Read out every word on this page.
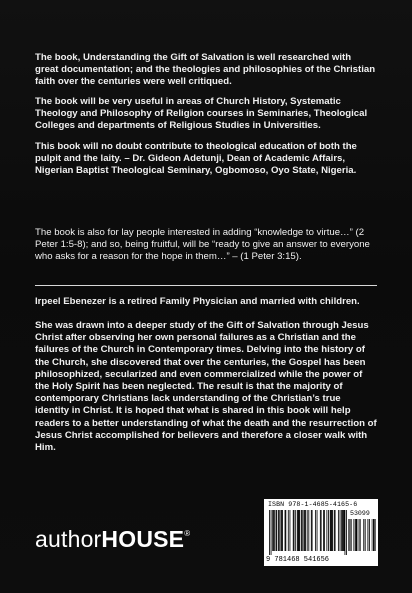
The book, Understanding the Gift of Salvation is well researched with great documentation; and the theologies and philosophies of the Christian faith over the centuries were well critiqued.

The book will be very useful in areas of Church History, Systematic Theology and Philosophy of Religion courses in Seminaries, Theological Colleges and departments of Religious Studies in Universities.

This book will no doubt contribute to theological education of both the pulpit and the laity. – Dr. Gideon Adetunji, Dean of Academic Affairs, Nigerian Baptist Theological Seminary, Ogbomoso, Oyo State, Nigeria.

The book is also for lay people interested in adding “knowledge to virtue…” (2 Peter 1:5-8); and so, being fruitful, will be “ready to give an answer to everyone who asks for a reason for the hope in them…” – (1 Peter 3:15).

Irpeel Ebenezer is a retired Family Physician and married with children.

She was drawn into a deeper study of the Gift of Salvation through Jesus Christ after observing her own personal failures as a Christian and the failures of the Church in Contemporary times. Delving into the history of the Church, she discovered that over the centuries, the Gospel has been philosophized, secularized and even commercialized while the power of the Holy Spirit has been neglected. The result is that the majority of contemporary Christians lack understanding of the Christian’s true identity in Christ. It is hoped that what is shared in this book will help readers to a better understanding of what the death and the resurrection of Jesus Christ accomplished for believers and therefore a closer walk with Him.

authorHOUSE®
ISBN 978-1-4685-4165-6
53099
9 781468 541656
